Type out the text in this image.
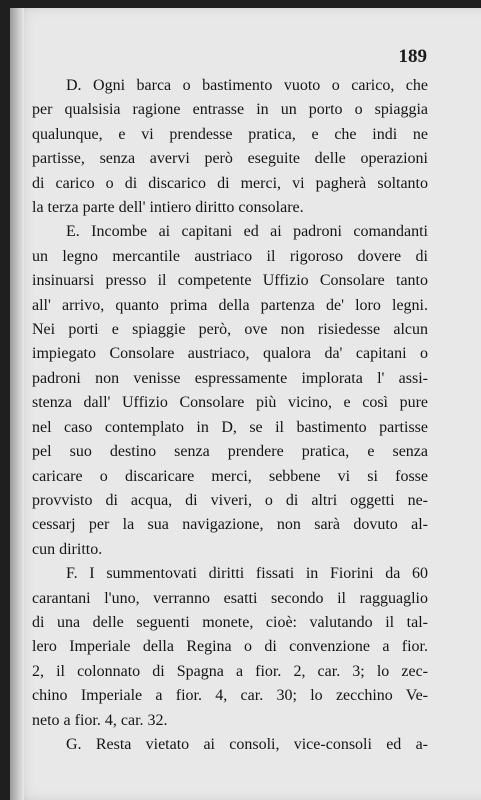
189
D. Ogni barca o bastimento vuoto o carico, che
per qualsisia ragione entrasse in un porto o spiaggia
qualunque, e vi prendesse pratica, e che indi ne
partisse, senza avervi però eseguite delle operazioni
di carico o di discarico di merci, vi pagherà soltanto
la terza parte dell' intiero diritto consolare.
E. Incombe ai capitani ed ai padroni comandanti
un legno mercantile austriaco il rigoroso dovere di
insinuarsi presso il competente Uffizio Consolare tanto
all' arrivo, quanto prima della partenza de' loro legni.
Nei porti e spiaggie però, ove non risiedesse alcun
impiegato Consolare austriaco, qualora da' capitani o
padroni non venisse espressamente implorata l' assi-
stenza dall' Uffizio Consolare più vicino, e così pure
nel caso contemplato in D, se il bastimento partisse
pel suo destino senza prendere pratica, e senza
caricare o discaricare merci, sebbene vi si fosse
provvisto di acqua, di viveri, o di altri oggetti ne-
cessarj per la sua navigazione, non sarà dovuto al-
cun diritto.
F. I summentovati diritti fissati in Fiorini da 60
carantani l'uno, verranno esatti secondo il ragguaglio
di una delle seguenti monete, cioè: valutando il tal-
lero Imperiale della Regina o di convenzione a fior.
2, il colonnato di Spagna a fior. 2, car. 3; lo zec-
chino Imperiale a fior. 4, car. 30; lo zecchino Ve-
neto a fior. 4, car. 32.
G. Resta vietato ai consoli, vice-consoli ed a-
